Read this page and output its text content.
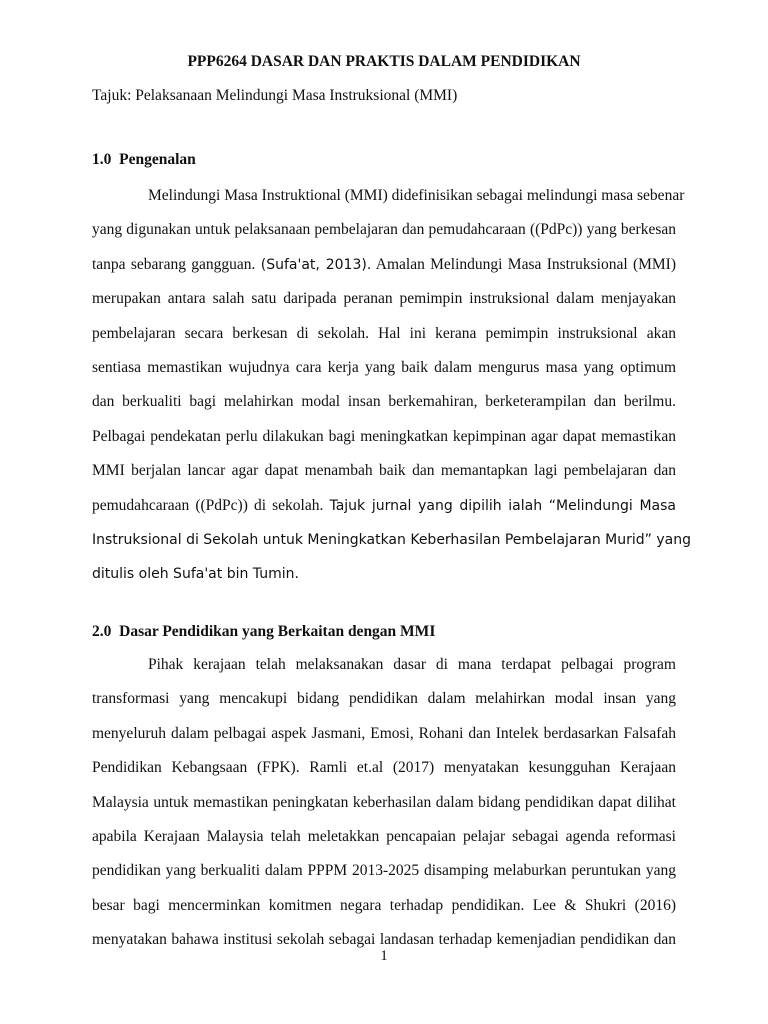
PPP6264 DASAR DAN PRAKTIS DALAM PENDIDIKAN
Tajuk: Pelaksanaan Melindungi Masa Instruksional (MMI)
1.0  Pengenalan
Melindungi Masa Instruktional (MMI) didefinisikan sebagai melindungi masa sebenar
yang digunakan untuk pelaksanaan pembelajaran dan pemudahcaraan ((PdPc)) yang berkesan
tanpa sebarang gangguan. (Sufa'at, 2013). Amalan Melindungi Masa Instruksional (MMI)
merupakan antara salah satu daripada peranan pemimpin instruksional dalam menjayakan
pembelajaran secara berkesan di sekolah. Hal ini kerana pemimpin instruksional akan
sentiasa memastikan wujudnya cara kerja yang baik dalam mengurus masa yang optimum
dan berkualiti bagi melahirkan modal insan berkemahiran, berketerampilan dan berilmu.
Pelbagai pendekatan perlu dilakukan bagi meningkatkan kepimpinan agar dapat memastikan
MMI berjalan lancar agar dapat menambah baik dan memantapkan lagi pembelajaran dan
pemudahcaraan ((PdPc)) di sekolah. Tajuk jurnal yang dipilih ialah “Melindungi Masa
Instruksional di Sekolah untuk Meningkatkan Keberhasilan Pembelajaran Murid” yang
ditulis oleh Sufa'at bin Tumin.
2.0  Dasar Pendidikan yang Berkaitan dengan MMI
Pihak kerajaan telah melaksanakan dasar di mana terdapat pelbagai program
transformasi yang mencakupi bidang pendidikan dalam melahirkan modal insan yang
menyeluruh dalam pelbagai aspek Jasmani, Emosi, Rohani dan Intelek berdasarkan Falsafah
Pendidikan Kebangsaan (FPK). Ramli et.al (2017) menyatakan kesungguhan Kerajaan
Malaysia untuk memastikan peningkatan keberhasilan dalam bidang pendidikan dapat dilihat
apabila Kerajaan Malaysia telah meletakkan pencapaian pelajar sebagai agenda reformasi
pendidikan yang berkualiti dalam PPPM 2013-2025 disamping melaburkan peruntukan yang
besar bagi mencerminkan komitmen negara terhadap pendidikan. Lee & Shukri (2016)
menyatakan bahawa institusi sekolah sebagai landasan terhadap kemenjadian pendidikan dan
1
